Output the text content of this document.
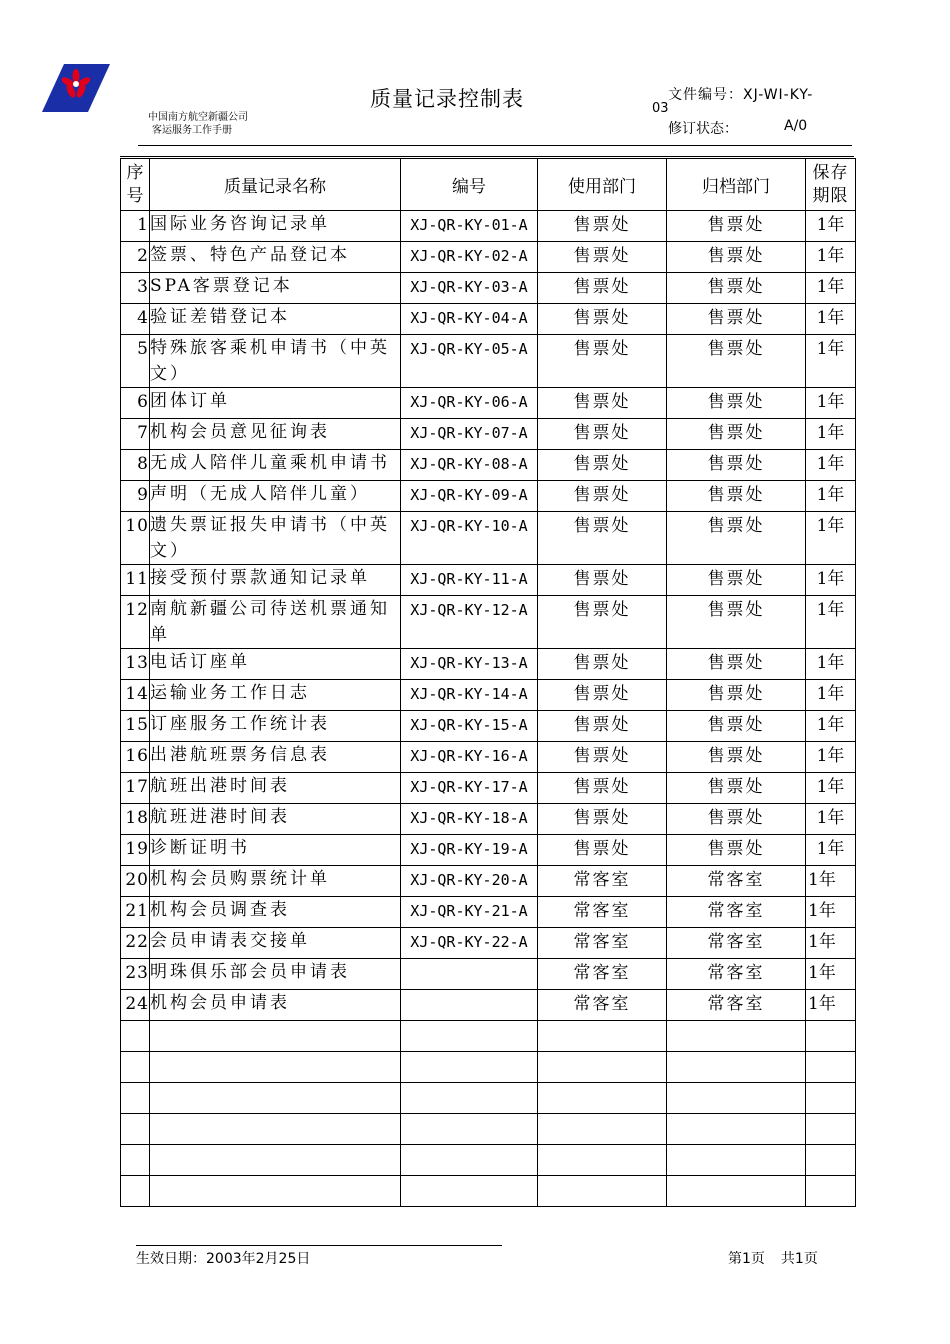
中国南方航空新疆公司
客运服务工作手册
质量记录控制表	文件编号：XJ-WI-KY-
03
修订状态：	A/0
序号	质量记录名称	编号	使用部门	归档部门	保存
期限
1	国际业务咨询记录单	XJ-QR-KY-01-A	售票处	售票处	1年
2	签票、特色产品登记本	XJ-QR-KY-02-A	售票处	售票处	1年
3	SPA客票登记本	XJ-QR-KY-03-A	售票处	售票处	1年
4	验证差错登记本	XJ-QR-KY-04-A	售票处	售票处	1年
5	特殊旅客乘机申请书（中英文）	XJ-QR-KY-05-A	售票处	售票处	1年
6	团体订单	XJ-QR-KY-06-A	售票处	售票处	1年
7	机构会员意见征询表	XJ-QR-KY-07-A	售票处	售票处	1年
8	无成人陪伴儿童乘机申请书	XJ-QR-KY-08-A	售票处	售票处	1年
9	声明（无成人陪伴儿童）	XJ-QR-KY-09-A	售票处	售票处	1年
10	遗失票证报失申请书（中英文）	XJ-QR-KY-10-A	售票处	售票处	1年
11	接受预付票款通知记录单	XJ-QR-KY-11-A	售票处	售票处	1年
12	南航新疆公司待送机票通知单	XJ-QR-KY-12-A	售票处	售票处	1年
13	电话订座单	XJ-QR-KY-13-A	售票处	售票处	1年
14	运输业务工作日志	XJ-QR-KY-14-A	售票处	售票处	1年
15	订座服务工作统计表	XJ-QR-KY-15-A	售票处	售票处	1年
16	出港航班票务信息表	XJ-QR-KY-16-A	售票处	售票处	1年
17	航班出港时间表	XJ-QR-KY-17-A	售票处	售票处	1年
18	航班进港时间表	XJ-QR-KY-18-A	售票处	售票处	1年
19	诊断证明书	XJ-QR-KY-19-A	售票处	售票处	1年
20	机构会员购票统计单	XJ-QR-KY-20-A	常客室	常客室	1年
21	机构会员调查表	XJ-QR-KY-21-A	常客室	常客室	1年
22	会员申请表交接单	XJ-QR-KY-22-A	常客室	常客室	1年
23	明珠俱乐部会员申请表		常客室	常客室	1年
24	机构会员申请表		常客室	常客室	1年

生效日期：2003年2月25日	第1页 共1页
